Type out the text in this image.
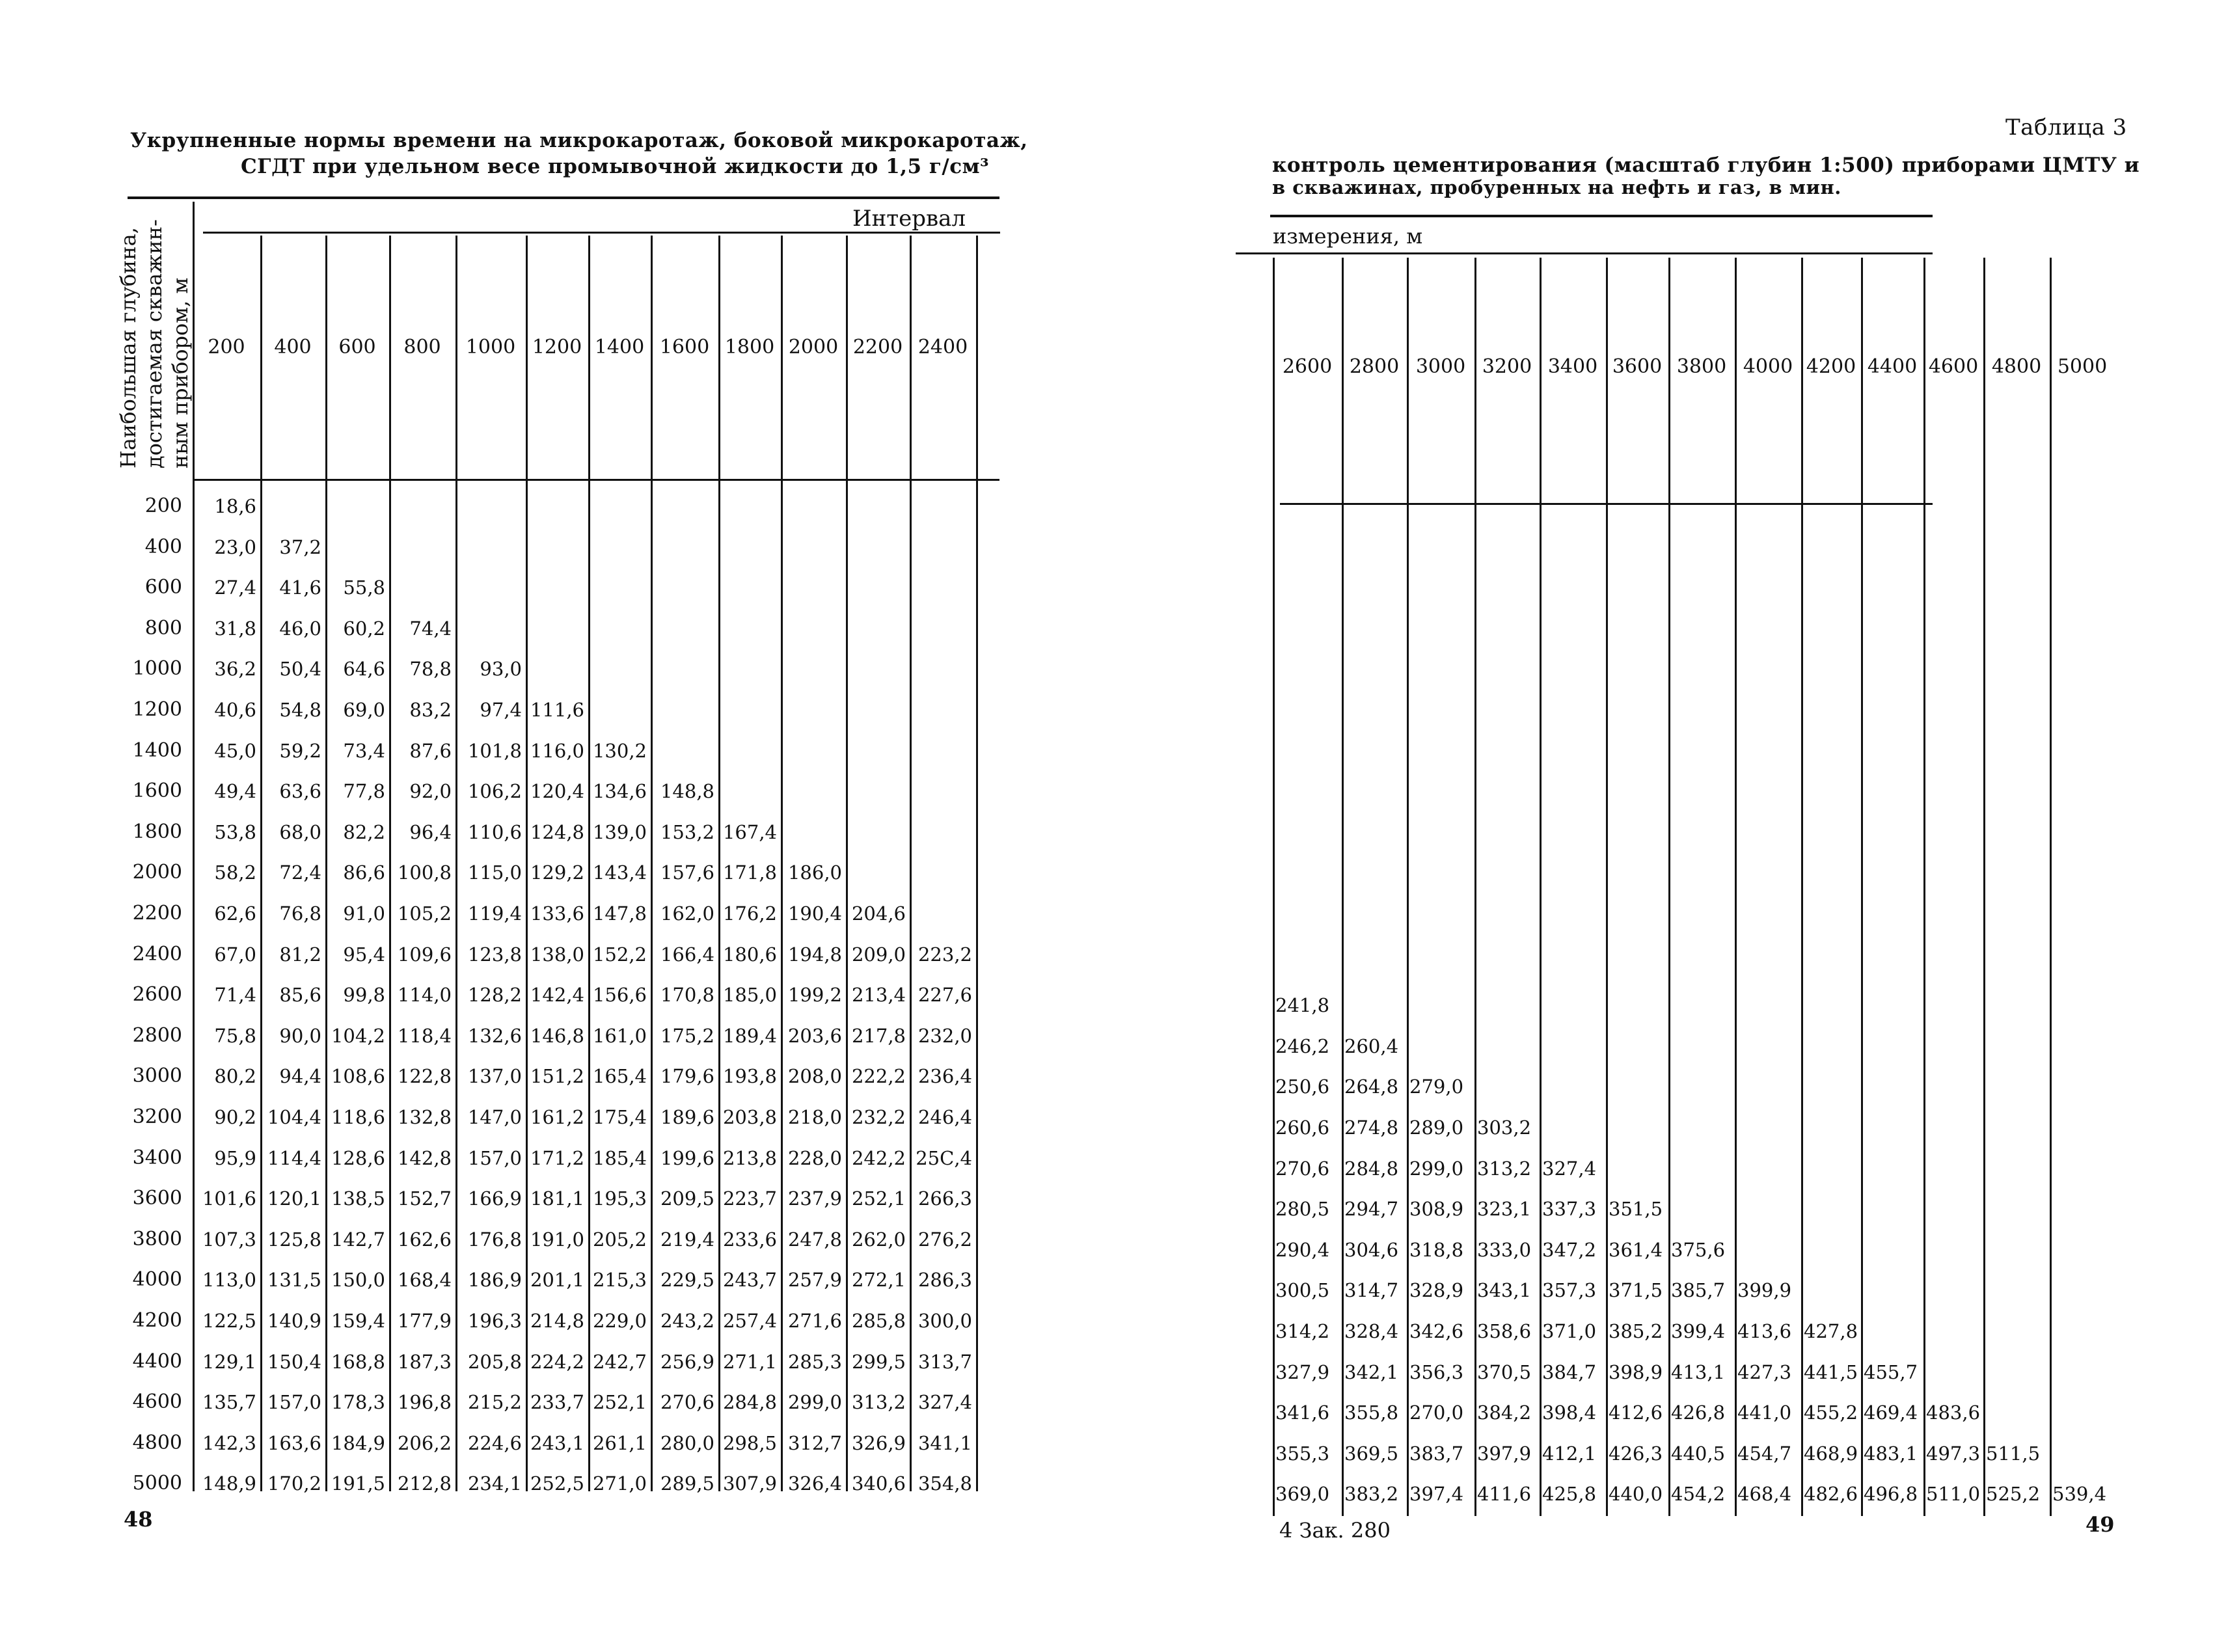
Укрупненные нормы времени на микрокаротаж, боковой микрокаротаж,
СГДТ при удельном весе промывочной жидкости до 1,5 г/см³
Интервал
Наибольшая глубина, достигаемая скважин- ным прибором, м 200	400	600	800	1000 1200 1400 1600 1800 2000 2200 2400
200	18,6
400	23,0	37,2
600	27,4	41,6	55,8
800	31,8	46,0	60,2	74,4
1000	36,2	50,4	64,6	78,8	93,0
1200	40,6	54,8	69,0	83,2	97,4 111,6
1400	45,0	59,2	73,4	87,6 101,8 116,0 130,2
1600	49,4	63,6	77,8	92,0 106,2 120,4 134,6 148,8
1800	53,8	68,0	82,2	96,4 110,6 124,8 139,0 153,2 167,4
2000	58,2	72,4	86,6 100,8 115,0 129,2 143,4 157,6 171,8 186,0
2200	62,6	76,8	91,0 105,2 119,4 133,6 147,8 162,0 176,2 190,4 204,6
2400	67,0	81,2	95,4 109,6 123,8 138,0 152,2 166,4 180,6 194,8 209,0 223,2
2600	71,4	85,6	99,8 114,0 128,2 142,4 156,6 170,8 185,0 199,2 213,4 227,6
2800	75,8	90,0 104,2 118,4 132,6 146,8 161,0 175,2 189,4 203,6 217,8 232,0
3000	80,2	94,4 108,6 122,8 137,0 151,2 165,4 179,6 193,8 208,0 222,2 236,4
3200	90,2 104,4 118,6 132,8 147,0 161,2 175,4 189,6 203,8 218,0 232,2 246,4
3400	95,9 114,4 128,6 142,8 157,0 171,2 185,4 199,6 213,8 228,0 242,2 25С,4
3600	101,6 120,1 138,5 152,7 166,9 181,1 195,3 209,5 223,7 237,9 252,1 266,3
3800	107,3 125,8 142,7 162,6 176,8 191,0 205,2 219,4 233,6 247,8 262,0 276,2
4000	113,0 131,5 150,0 168,4 186,9 201,1 215,3 229,5 243,7 257,9 272,1 286,3
4200	122,5 140,9 159,4 177,9 196,3 214,8 229,0 243,2 257,4 271,6 285,8 300,0
4400	129,1 150,4 168,8 187,3 205,8 224,2 242,7 256,9 271,1 285,3 299,5 313,7
4600	135,7 157,0 178,3 196,8 215,2 233,7 252,1 270,6 284,8 299,0 313,2 327,4
4800	142,3 163,6 184,9 206,2 224,6 243,1 261,1 280,0 298,5 312,7 326,9 341,1
5000	148,9 170,2 191,5 212,8 234,1 252,5 271,0 289,5 307,9 326,4 340,6 354,8
48
Таблица 3
контроль цементирования (масштаб глубин 1:500) приборами ЦМТУ и
в скважинах, пробуренных на нефть и газ, в мин.
измерения, м
2600 2800 3000 3200 3400 3600 3800 4000 4200 4400 4600 4800 5000
241,8
246,2 260,4
250,6 264,8 279,0
260,6 274,8 289,0 303,2
270,6 284,8 299,0 313,2 327,4
280,5 294,7 308,9 323,1 337,3 351,5
290,4 304,6 318,8 333,0 347,2 361,4 375,6
300,5 314,7 328,9 343,1 357,3 371,5 385,7 399,9
314,2 328,4 342,6 358,6 371,0 385,2 399,4 413,6 427,8
327,9 342,1 356,3 370,5 384,7 398,9 413,1 427,3 441,5 455,7
341,6 355,8 270,0 384,2 398,4 412,6 426,8 441,0 455,2 469,4 483,6
355,3 369,5 383,7 397,9 412,1 426,3 440,5 454,7 468,9 483,1 497,3 511,5
369,0 383,2 397,4 411,6 425,8 440,0 454,2 468,4 482,6 496,8 511,0 525,2 539,4
4 Зак. 280	49
